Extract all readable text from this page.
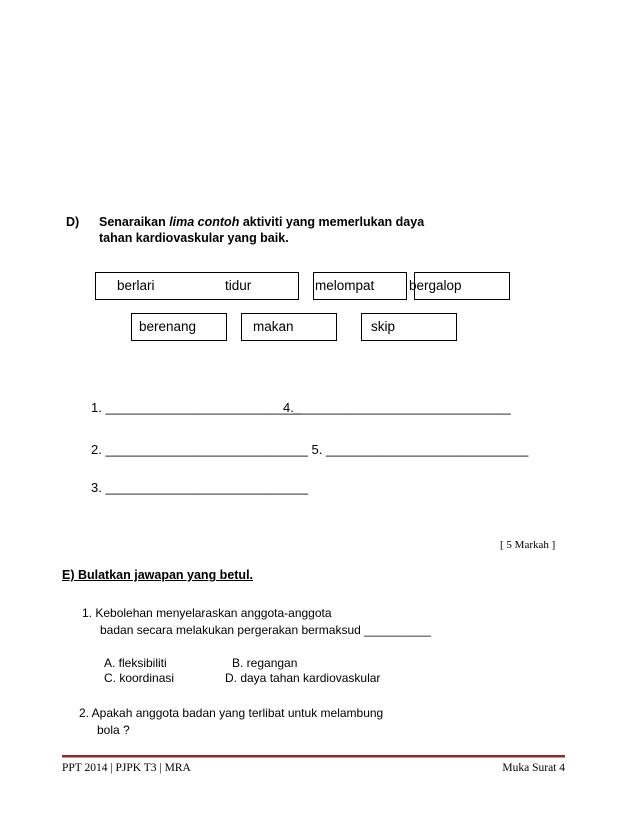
D) Senaraikan lima contoh aktiviti yang memerlukan daya
tahan kardiovaskular yang baik.
berlari	tidur	melompat	bergalop
berenang	makan	skip
1. ___________________________
4.______________________________
2. ____________________________ 5. ____________________________
3. ____________________________
[ 5 Markah ]
E) Bulatkan jawapan yang betul.
1. Kebolehan menyelaraskan anggota-anggota
badan secara melakukan pergerakan bermaksud __________
A. fleksibiliti	B. regangan
C. koordinasi	D. daya tahan kardiovaskular
2. Apakah anggota badan yang terlibat untuk melambung
bola ?
PPT 2014 | PJPK T3 | MRA	Muka Surat 4
